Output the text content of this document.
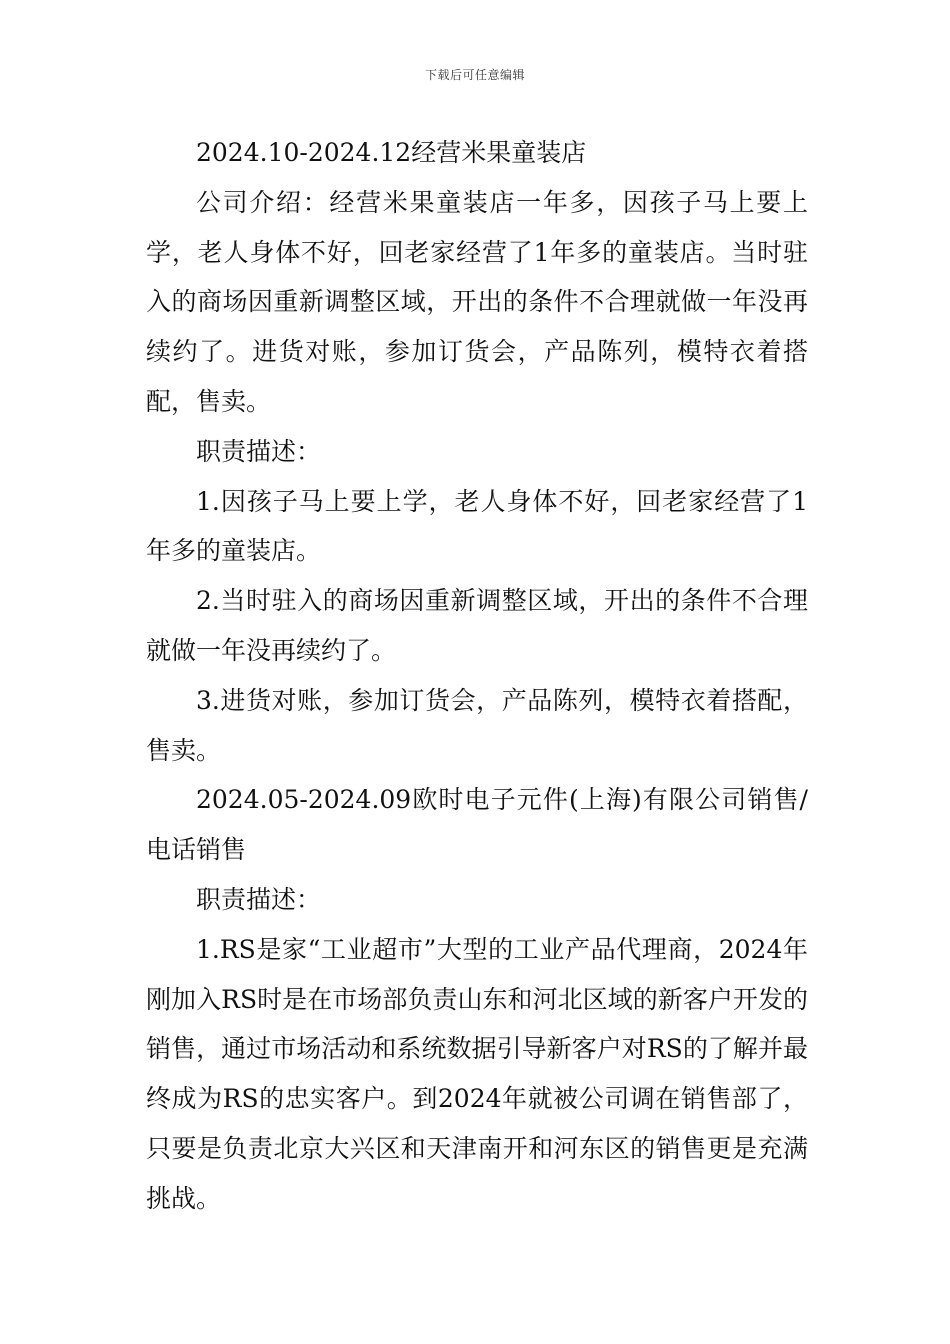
下载后可任意编辑

2024.10-2024.12经营米果童装店

公司介绍：经营米果童装店一年多，因孩子马上要上学，老人身体不好，回老家经营了1年多的童装店。当时驻入的商场因重新调整区域，开出的条件不合理就做一年没再续约了。进货对账，参加订货会，产品陈列，模特衣着搭配，售卖。

职责描述：

1.因孩子马上要上学，老人身体不好，回老家经营了1年多的童装店。

2.当时驻入的商场因重新调整区域，开出的条件不合理就做一年没再续约了。

3.进货对账，参加订货会，产品陈列，模特衣着搭配，售卖。

2024.05-2024.09欧时电子元件(上海)有限公司销售/电话销售

职责描述：

1.RS是家“工业超市”大型的工业产品代理商，2024年刚加入RS时是在市场部负责山东和河北区域的新客户开发的销售，通过市场活动和系统数据引导新客户对RS的了解并最终成为RS的忠实客户。到2024年就被公司调在销售部了，只要是负责北京大兴区和天津南开和河东区的销售更是充满挑战。
